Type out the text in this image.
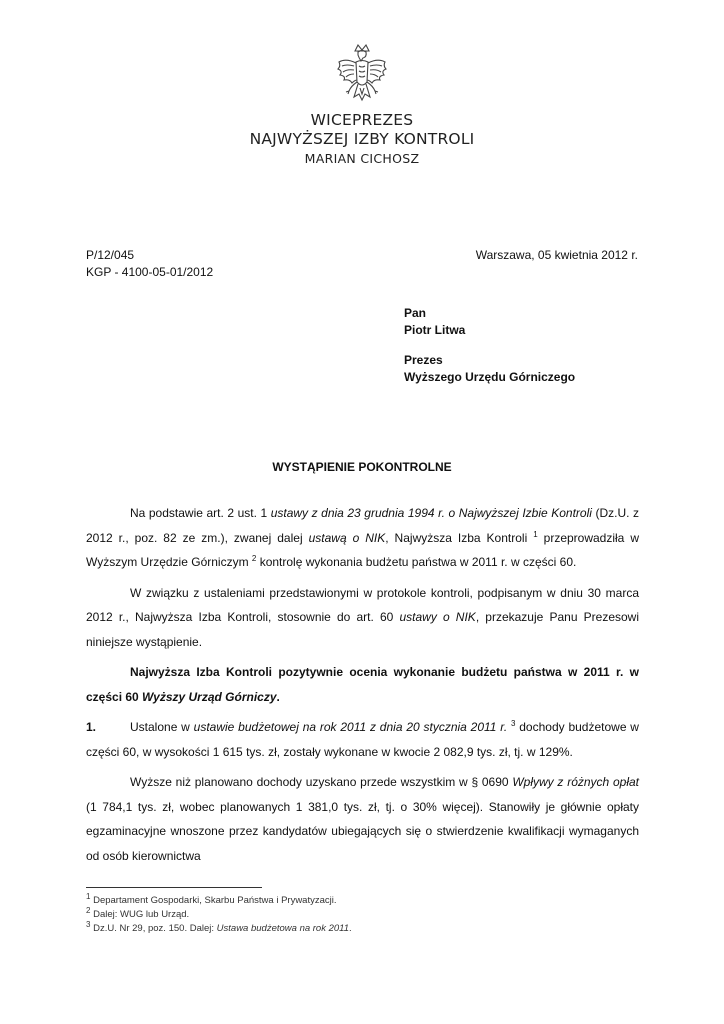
WICEPREZES
NAJWYŻSZEJ IZBY KONTROLI
MARIAN CICHOSZ
P/12/045
KGP - 4100-05-01/2012
Warszawa, 05 kwietnia 2012 r.
Pan
Piotr Litwa
Prezes
Wyższego Urzędu Górniczego
WYSTĄPIENIE POKONTROLNE

Na podstawie art. 2 ust. 1 ustawy z dnia 23 grudnia 1994 r. o Najwyższej Izbie Kontroli (Dz.U. z 2012 r., poz. 82 ze zm.), zwanej dalej ustawą o NIK, Najwyższa Izba Kontroli $^1$ przeprowadziła w Wyższym Urzędzie Górniczym $^2$ kontrolę wykonania budżetu państwa w 2011 r. w części 60.

W związku z ustaleniami przedstawionymi w protokole kontroli, podpisanym w dniu 30 marca 2012 r., Najwyższa Izba Kontroli, stosownie do art. 60 ustawy o NIK, przekazuje Panu Prezesowi niniejsze wystąpienie.

Najwyższa Izba Kontroli pozytywnie ocenia wykonanie budżetu państwa w 2011 r. w części 60 Wyższy Urząd Górniczy.

1.	Ustalone w ustawie budżetowej na rok 2011 z dnia 20 stycznia 2011 r. $^3$ dochody budżetowe w części 60, w wysokości 1 615 tys. zł, zostały wykonane w kwocie 2 082,9 tys. zł, tj. w 129%.

Wyższe niż planowano dochody uzyskano przede wszystkim w § 0690 Wpływy z różnych opłat (1 784,1 tys. zł, wobec planowanych 1 381,0 tys. zł, tj. o 30% więcej). Stanowiły je głównie opłaty egzaminacyjne wnoszone przez kandydatów ubiegających się o stwierdzenie kwalifikacji wymaganych od osób kierownictwa

$^1$ Departament Gospodarki, Skarbu Państwa i Prywatyzacji.
$^2$ Dalej: WUG lub Urząd.
$^3$ Dz.U. Nr 29, poz. 150. Dalej: Ustawa budżetowa na rok 2011.
